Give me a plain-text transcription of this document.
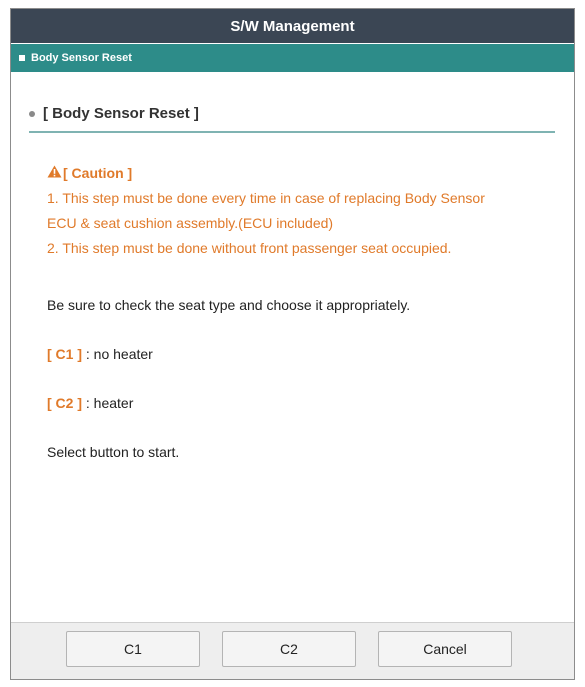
S/W Management
Body Sensor Reset
[ Body Sensor Reset ]
[ Caution ]
1. This step must be done every time in case of replacing Body Sensor
ECU & seat cushion assembly.(ECU included)
2. This step must be done without front passenger seat occupied.
Be sure to check the seat type and choose it appropriately.
[ C1 ] : no heater
[ C2 ] : heater
Select button to start.
C1	C2	Cancel
